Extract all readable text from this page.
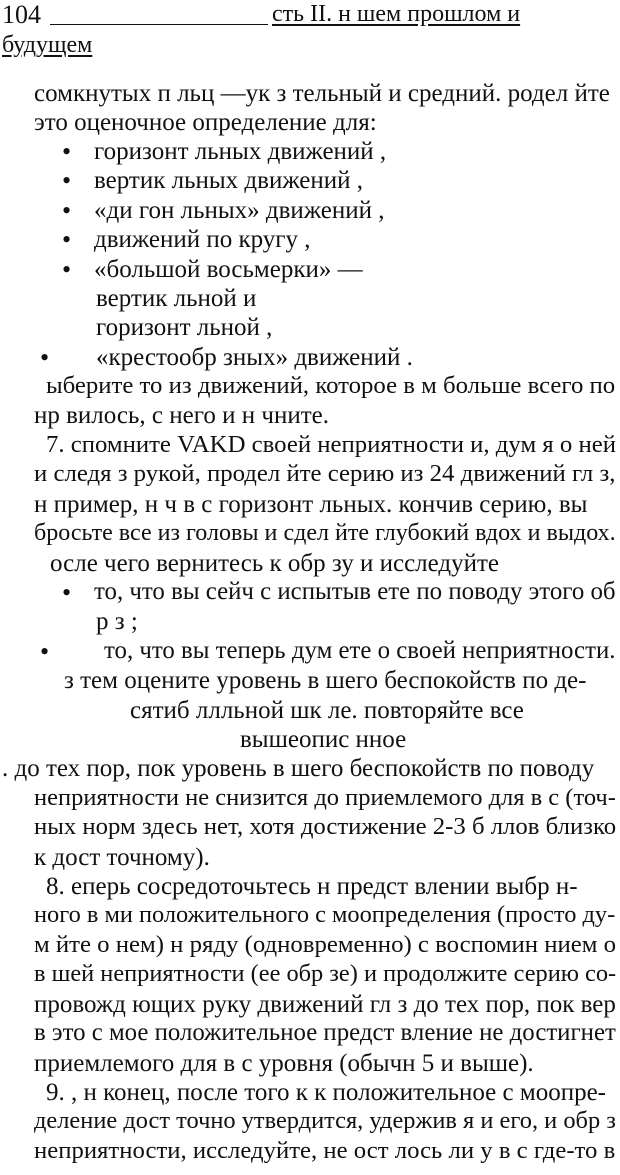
104	сть II. н шем прошлом и
будущем
сомкнутых п льц —ук з тельный и средний. родел йте
это оценочное определение для:
• горизонт льных движений ,
• вертик льных движений ,
• «ди гон льных» движений ,
• движений по кругу ,
• «большой восьмерки» —
вертик льной и
горизонт льной ,
• «крестообр зных» движений .
ыберите то из движений, которое в м больше всего по
нр вилось, с него и н чните.
7. спомните VAKD своей неприятности и, дум я о ней
и следя з рукой, продел йте серию из 24 движений гл з,
н пример, н ч в с горизонт льных. кончив серию, вы
бросьте все из головы и сдел йте глубокий вдох и выдох.
осле чего вернитесь к обр зу и исследуйте
• то, что вы сейч с испытыв ете по поводу этого об
р з ;
• то, что вы теперь дум ете о своей неприятности.
з тем оцените уровень в шего беспокойств по де-
сятиб ллльной шк ле. повторяйте все
вышеопис нное
. до тех пор, пок уровень в шего беспокойств по поводу
неприятности не снизится до приемлемого для в с (точ-
ных норм здесь нет, хотя достижение 2-3 б ллов близко
к дост точному).
8. еперь сосредоточьтесь н предст влении выбр н-
ного в ми положительного с моопределения (просто ду-
м йте о нем) н ряду (одновременно) с воспомин нием о
в шей неприятности (ее обр зе) и продолжите серию со-
провожд ющих руку движений гл з до тех пор, пок вер
в это с мое положительное предст вление не достигнет
приемлемого для в с уровня (обычн 5 и выше).
9. , н конец, после того к к положительное с моопре-
деление дост точно утвердится, удержив я и его, и обр з
неприятности, исследуйте, не ост лось ли у в с где-то в
